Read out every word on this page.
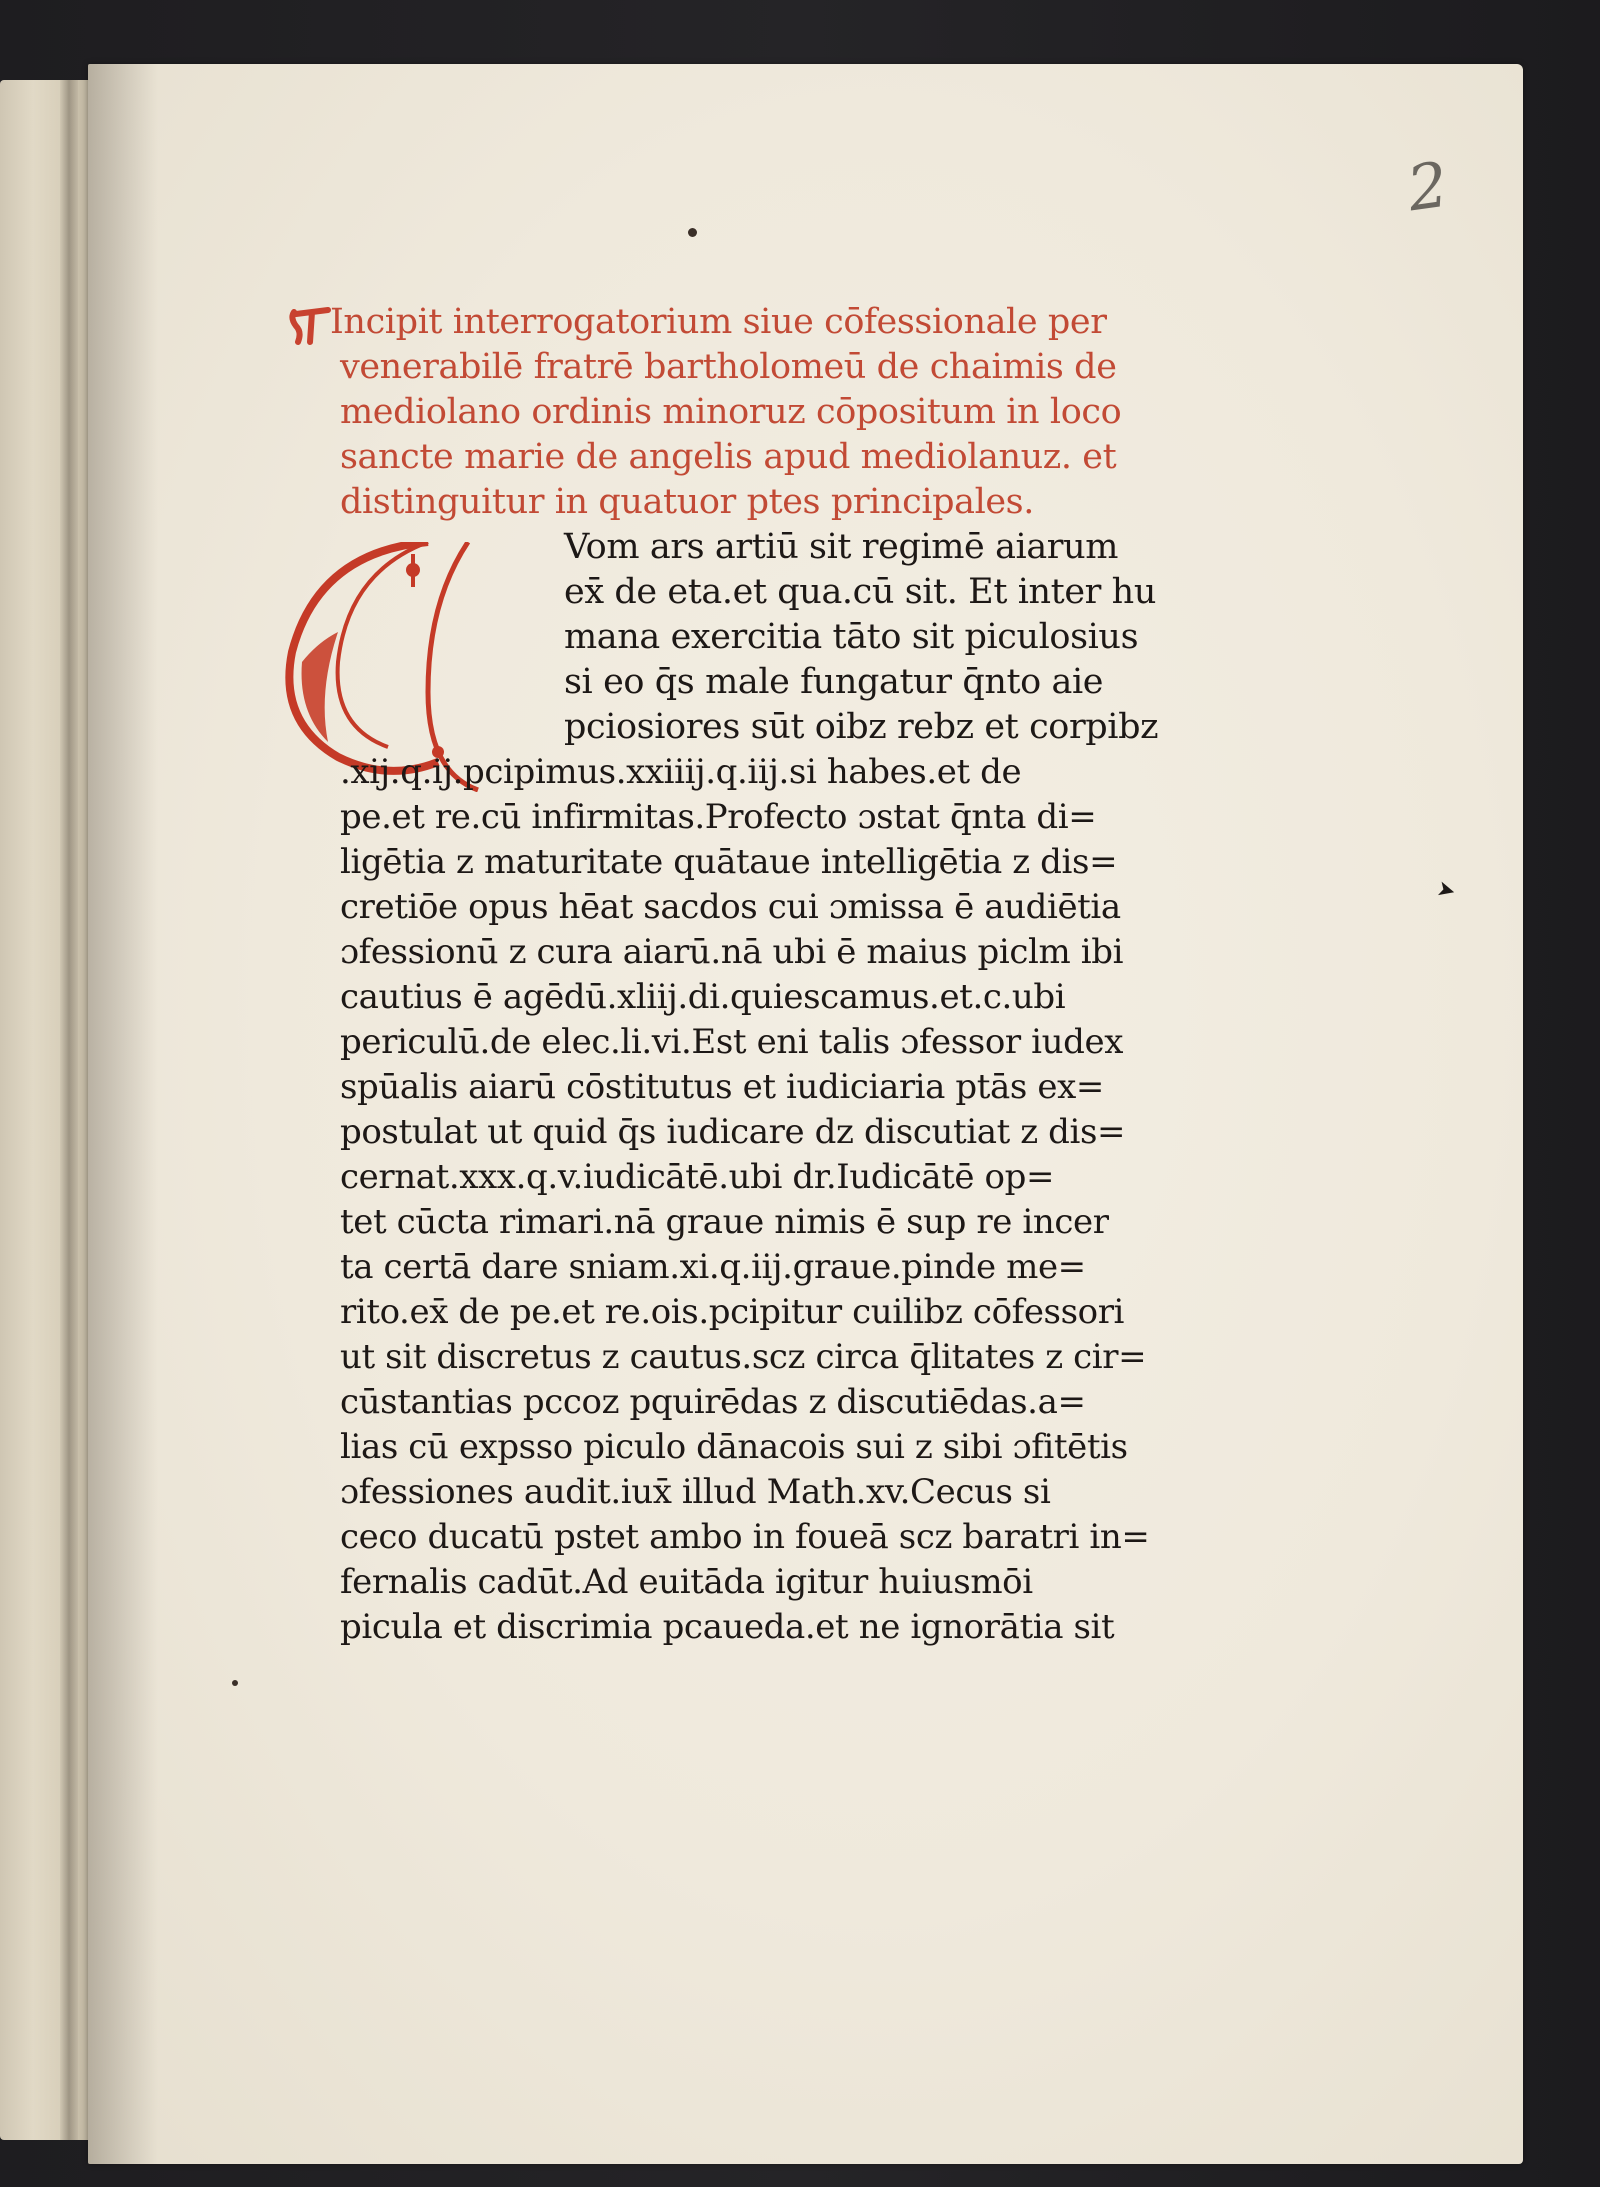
2
➤
Incipit interrogatorium siue cōfessionale per
venerabilē fratrē bartholomeū de chaimis de
mediolano ordinis minoruz cōpositum in loco
sancte marie de angelis apud mediolanuz. et
distinguitur in quatuor ptes principales.
Vom ars artiū sit regimē aiarum
ex̄ de eta.et qua.cū sit. Et inter hu
mana exercitia tāto sit piculosius
si eo q̄s male fungatur q̄nto aie
pciosiores sūt oibz rebz et corpibz
.xij.q.ij.pcipimus.xxiiij.q.iij.si habes.et de
pe.et re.cū infirmitas.Profecto ɔstat q̄nta di=
ligētia z maturitate quātaue intelligētia z dis=
cretiōe opus hēat sacdos cui ɔmissa ē audiētia
ɔfessionū z cura aiarū.nā ubi ē maius piclm ibi
cautius ē agēdū.xliij.di.quiescamus.et.c.ubi
periculū.de elec.li.vi.Est eni talis ɔfessor iudex
spūalis aiarū cōstitutus et iudiciaria ptās ex=
postulat ut quid q̄s iudicare dz discutiat z dis=
cernat.xxx.q.v.iudicātē.ubi dr.Iudicātē op=
tet cūcta rimari.nā graue nimis ē sup re incer
ta certā dare sniam.xi.q.iij.graue.pinde me=
rito.ex̄ de pe.et re.ois.pcipitur cuilibz cōfessori
ut sit discretus z cautus.scz circa q̄litates z cir=
cūstantias pccoz pquirēdas z discutiēdas.a=
lias cū expsso piculo dānacois sui z sibi ɔfitētis
ɔfessiones audit.iux̄ illud Math.xv.Cecus si
ceco ducatū pstet ambo in foueā scz baratri in=
fernalis cadūt.Ad euitāda igitur huiusmōi
picula et discrimia pcaueda.et ne ignorātia sit
